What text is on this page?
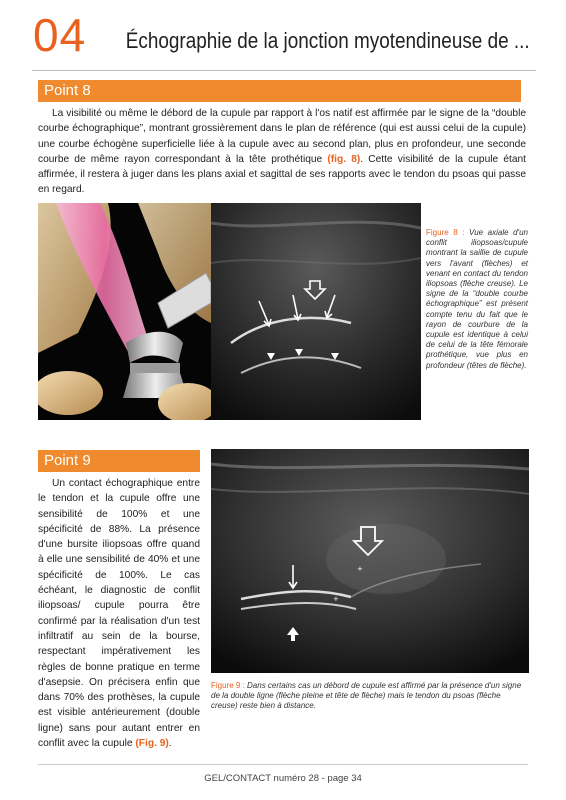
04 Échographie de la jonction myotendineuse de ...
Point 8

La visibilité ou même le débord de la cupule par rapport à l'os natif est affirmée par le signe de la “double courbe échographique”, montrant grossièrement dans le plan de référence (qui est aussi celui de la cupule) une courbe échogène superficielle liée à la cupule avec au second plan, plus en profondeur, une seconde courbe de même rayon correspondant à la tête prothétique (fig. 8). Cette visibilité de la cupule étant affirmée, il restera à juger dans les plans axial et sagittal de ses rapports avec le tendon du psoas qui passe en regard.

Figure 8 : Vue axiale d'un conflit iliopsoas/cupule montrant la saillie de cupule vers l'avant (flèches) et venant en contact du tendon iliopsoas (flèche creuse). Le signe de la “double courbe échographique” est présent compte tenu du fait que le rayon de courbure de la cupule est identique à celui de celui de la tête fémorale prothétique, vue plus en profondeur (têtes de flèche).

Point 9

Un contact échographique entre le tendon et la cupule offre une sensibilité de 100% et une spécificité de 88%. La présence d'une bursite iliopsoas offre quand à elle une sensibilité de 40% et une spécificité de 100%. Le cas échéant, le diagnostic de conflit iliopsoas/ cupule pourra être confirmé par la réalisation d'un test infiltratif au sein de la bourse, respectant impérativement les règles de bonne pratique en terme d'asepsie. On précisera enfin que dans 70% des prothèses, la cupule est visible antérieurement (double ligne) sans pour autant entrer en conflit avec la cupule (Fig. 9).

+
+

Figure 9 : Dans certains cas un débord de cupule est affirmé par la présence d'un signe de la double ligne (flèche pleine et tête de flèche) mais le tendon du psoas (flèche creuse) reste bien à distance.

GEL/CONTACT numéro 28 - page 34
